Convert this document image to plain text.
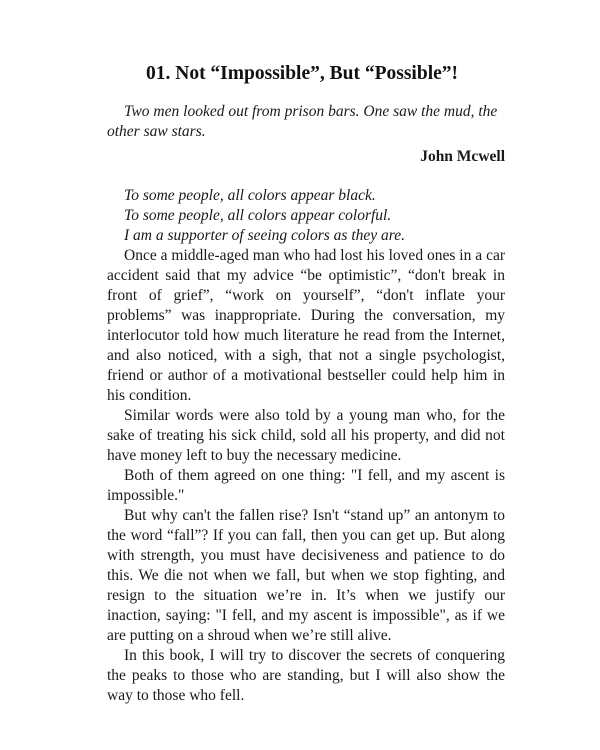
01. Not “Impossible”, But “Possible”!

Two men looked out from prison bars. One saw the mud, the other saw stars.

John Mcwell
To some people, all colors appear black.
To some people, all colors appear colorful.
I am a supporter of seeing colors as they are.

Once a middle-aged man who had lost his loved ones in a car accident said that my advice “be optimistic”, “don't break in front of grief”, “work on yourself”, “don't inflate your problems” was inappropriate. During the conversation, my interlocutor told how much literature he read from the Internet, and also noticed, with a sigh, that not a single psychologist, friend or author of a motivational bestseller could help him in his condition.

Similar words were also told by a young man who, for the sake of treating his sick child, sold all his property, and did not have money left to buy the necessary medicine.

Both of them agreed on one thing: "I fell, and my ascent is impossible."

But why can't the fallen rise? Isn't “stand up” an antonym to the word “fall”? If you can fall, then you can get up. But along with strength, you must have decisiveness and patience to do this. We die not when we fall, but when we stop fighting, and resign to the situation we’re in. It’s when we justify our inaction, saying: "I fell, and my ascent is impossible", as if we are putting on a shroud when we’re still alive.

In this book, I will try to discover the secrets of conquering the peaks to those who are standing, but I will also show the way to those who fell.
